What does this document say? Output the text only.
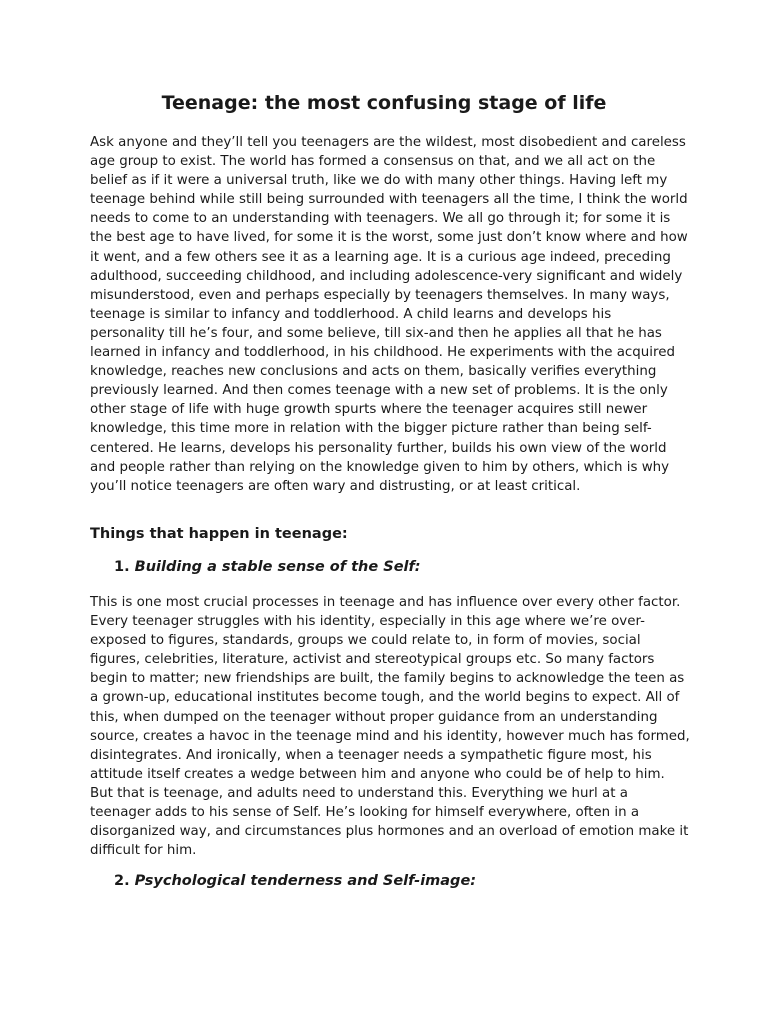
Teenage: the most confusing stage of life

Ask anyone and they’ll tell you teenagers are the wildest, most disobedient and careless age group to exist. The world has formed a consensus on that, and we all act on the belief as if it were a universal truth, like we do with many other things. Having left my teenage behind while still being surrounded with teenagers all the time, I think the world needs to come to an understanding with teenagers. We all go through it; for some it is the best age to have lived, for some it is the worst, some just don’t know where and how it went, and a few others see it as a learning age. It is a curious age indeed, preceding adulthood, succeeding childhood, and including adolescence-very significant and widely misunderstood, even and perhaps especially by teenagers themselves. In many ways, teenage is similar to infancy and toddlerhood. A child learns and develops his personality till he’s four, and some believe, till six-and then he applies all that he has learned in infancy and toddlerhood, in his childhood. He experiments with the acquired knowledge, reaches new conclusions and acts on them, basically verifies everything previously learned. And then comes teenage with a new set of problems. It is the only other stage of life with huge growth spurts where the teenager acquires still newer knowledge, this time more in relation with the bigger picture rather than being self-centered. He learns, develops his personality further, builds his own view of the world and people rather than relying on the knowledge given to him by others, which is why you’ll notice teenagers are often wary and distrusting, or at least critical.

Things that happen in teenage:
1. Building a stable sense of the Self:

This is one most crucial processes in teenage and has influence over every other factor. Every teenager struggles with his identity, especially in this age where we’re over-exposed to figures, standards, groups we could relate to, in form of movies, social figures, celebrities, literature, activist and stereotypical groups etc. So many factors begin to matter; new friendships are built, the family begins to acknowledge the teen as a grown-up, educational institutes become tough, and the world begins to expect. All of this, when dumped on the teenager without proper guidance from an understanding source, creates a havoc in the teenage mind and his identity, however much has formed, disintegrates. And ironically, when a teenager needs a sympathetic figure most, his attitude itself creates a wedge between him and anyone who could be of help to him. But that is teenage, and adults need to understand this. Everything we hurl at a teenager adds to his sense of Self. He’s looking for himself everywhere, often in a disorganized way, and circumstances plus hormones and an overload of emotion make it difficult for him.

2. Psychological tenderness and Self-image:
